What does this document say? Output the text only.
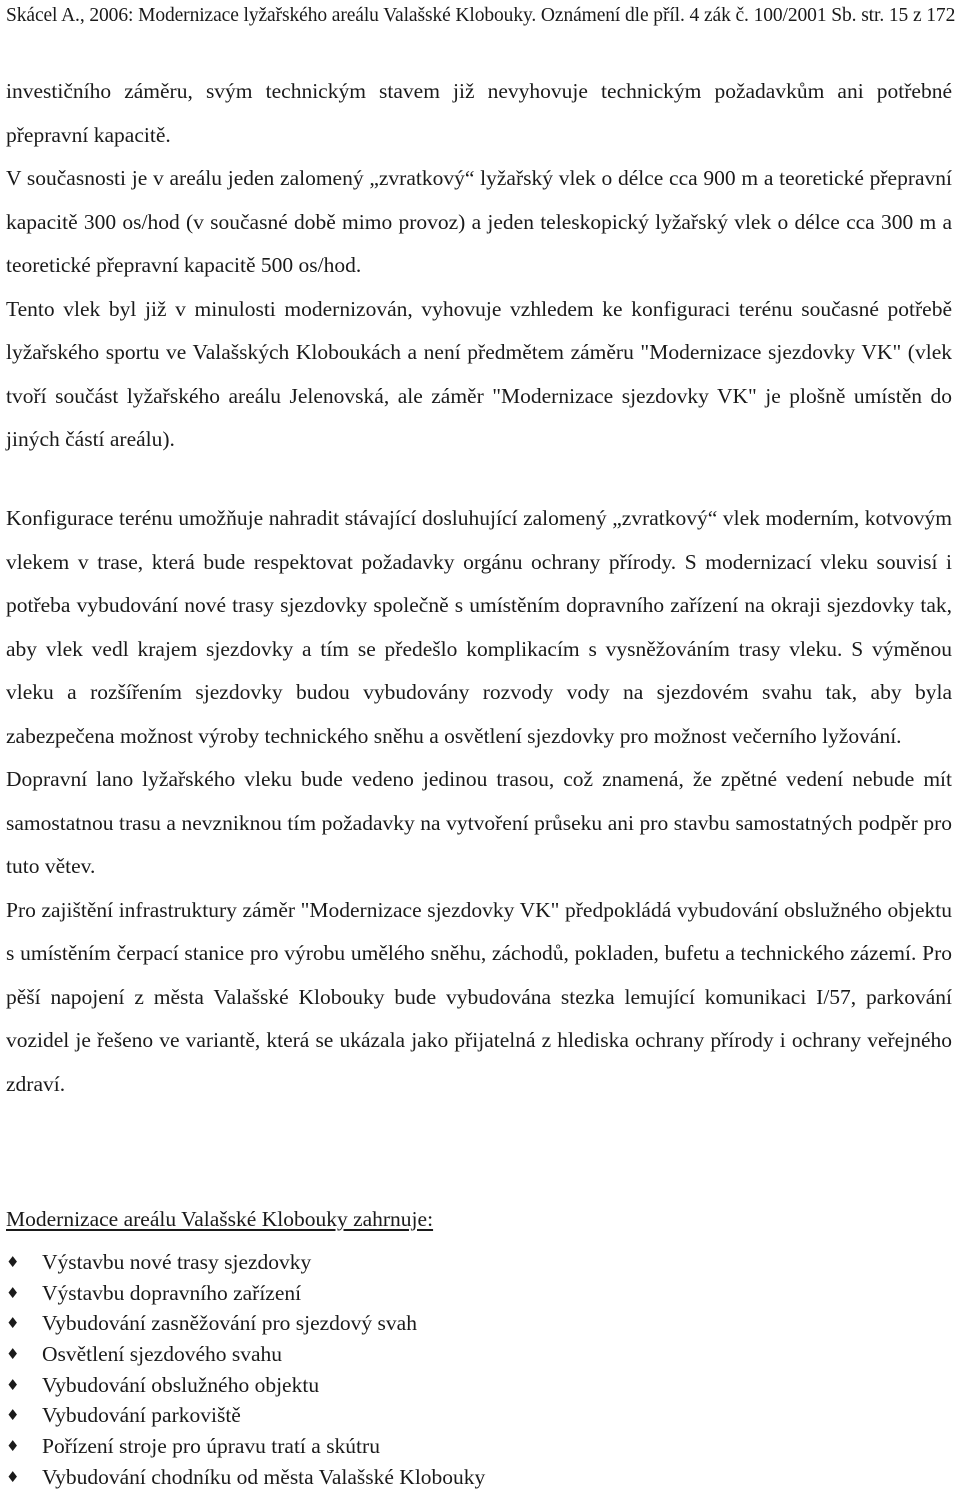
Skácel A., 2006: Modernizace lyžařského areálu Valašské Klobouky. Oznámení dle příl. 4 zák č. 100/2001 Sb. str. 15 z 172

investičního záměru, svým technickým stavem již nevyhovuje technickým požadavkům ani potřebné přepravní kapacitě.

V současnosti je v areálu jeden zalomený „zvratkový“ lyžařský vlek o délce cca 900 m a teoretické přepravní kapacitě 300 os/hod (v současné době mimo provoz) a jeden teleskopický lyžařský vlek o délce cca 300 m a teoretické přepravní kapacitě 500 os/hod.

Tento vlek byl již v minulosti modernizován, vyhovuje vzhledem ke konfiguraci terénu současné potřebě lyžařského sportu ve Valašských Kloboukách a není předmětem záměru "Modernizace sjezdovky VK" (vlek tvoří součást lyžařského areálu Jelenovská, ale záměr "Modernizace sjezdovky VK" je plošně umístěn do jiných částí areálu).

Konfigurace terénu umožňuje nahradit stávající dosluhující zalomený „zvratkový“ vlek moderním, kotvovým vlekem v trase, která bude respektovat požadavky orgánu ochrany přírody. S modernizací vleku souvisí i potřeba vybudování nové trasy sjezdovky společně s umístěním dopravního zařízení na okraji sjezdovky tak, aby vlek vedl krajem sjezdovky a tím se předešlo komplikacím s vysněžováním trasy vleku. S výměnou vleku a rozšířením sjezdovky budou vybudovány rozvody vody na sjezdovém svahu tak, aby byla zabezpečena možnost výroby technického sněhu a osvětlení sjezdovky pro možnost večerního lyžování.

Dopravní lano lyžařského vleku bude vedeno jedinou trasou, což znamená, že zpětné vedení nebude mít samostatnou trasu a nevzniknou tím požadavky na vytvoření průseku ani pro stavbu samostatných podpěr pro tuto větev.

Pro zajištění infrastruktury záměr "Modernizace sjezdovky VK" předpokládá vybudování obslužného objektu s umístěním čerpací stanice pro výrobu umělého sněhu, záchodů, pokladen, bufetu a technického zázemí. Pro pěší napojení z města Valašské Klobouky bude vybudována stezka lemující komunikaci I/57, parkování vozidel je řešeno ve variantě, která se ukázala jako přijatelná z hlediska ochrany přírody i ochrany veřejného zdraví.

Modernizace areálu Valašské Klobouky zahrnuje:
♦ Výstavbu nové trasy sjezdovky
♦ Výstavbu dopravního zařízení
♦ Vybudování zasněžování pro sjezdový svah
♦ Osvětlení sjezdového svahu
♦ Vybudování obslužného objektu
♦ Vybudování parkoviště
♦ Pořízení stroje pro úpravu tratí a skútru
♦ Vybudování chodníku od města Valašské Klobouky
